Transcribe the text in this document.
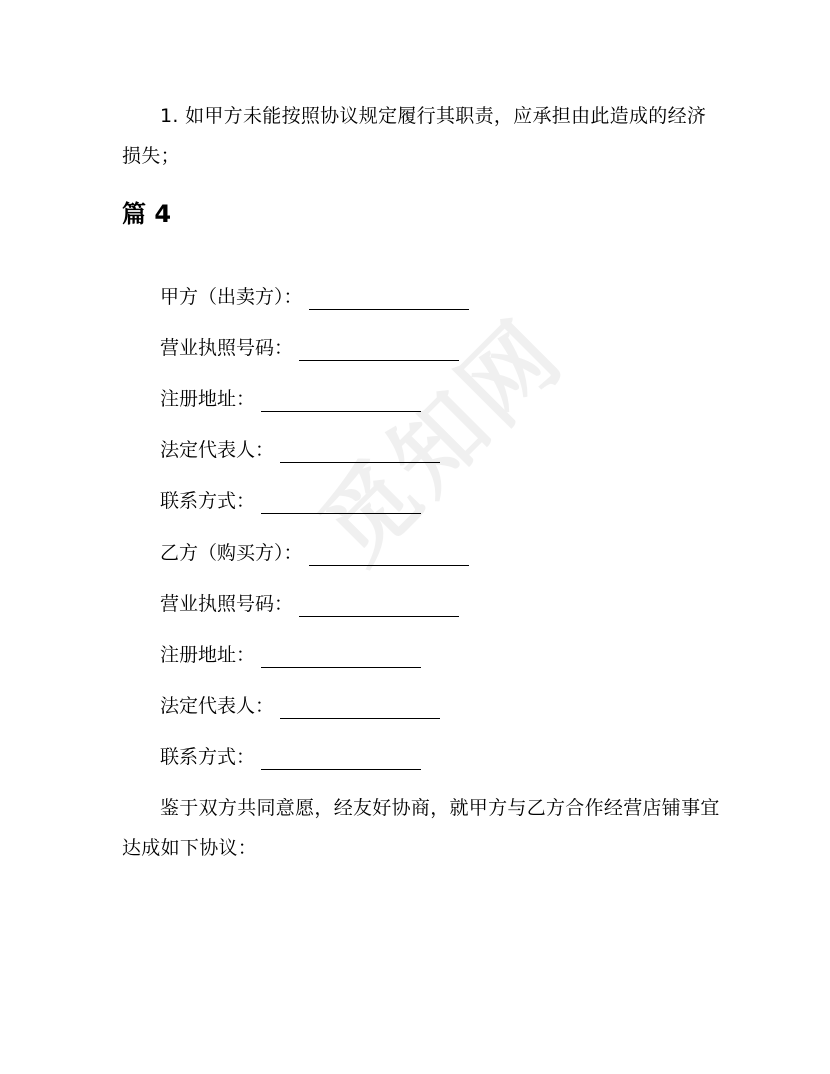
觅知网

1. 如甲方未能按照协议规定履行其职责，应承担由此造成的经济损失；

篇 4
甲方（出卖方）：
营业执照号码：
注册地址：
法定代表人：
联系方式：
乙方（购买方）：
营业执照号码：
注册地址：
法定代表人：
联系方式：

鉴于双方共同意愿，经友好协商，就甲方与乙方合作经营店铺事宜达成如下协议：
